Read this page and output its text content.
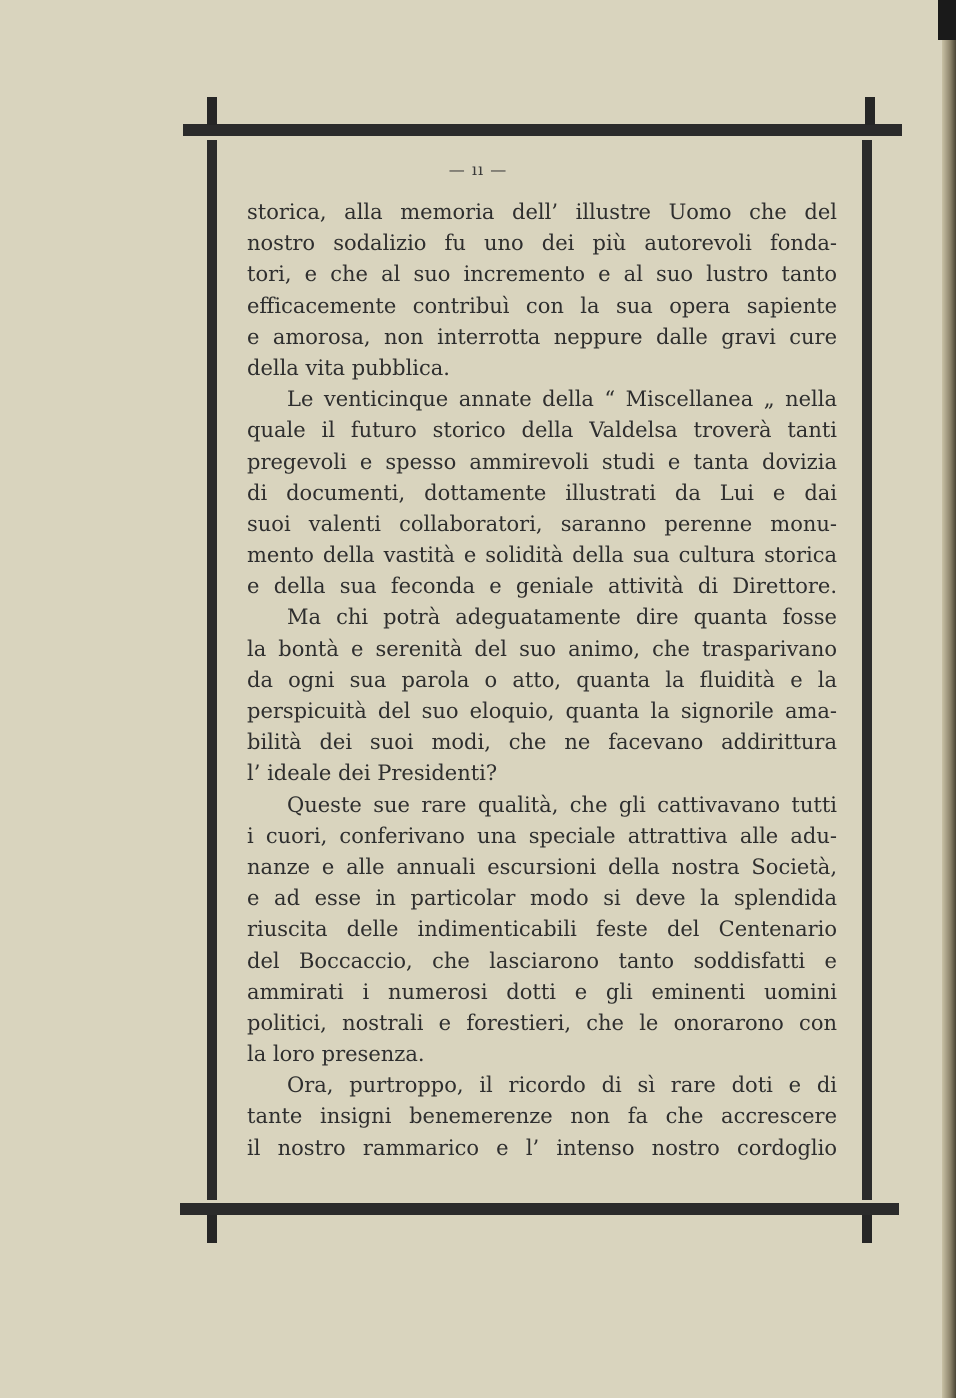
— ıı —
storica, alla memoria dell’ illustre Uomo che del
nostro sodalizio fu uno dei più autorevoli fonda-
tori, e che al suo incremento e al suo lustro tanto
efficacemente contribuì con la sua opera sapiente
e amorosa, non interrotta neppure dalle gravi cure
della vita pubblica.
Le venticinque annate della “ Miscellanea „ nella
quale il futuro storico della Valdelsa troverà tanti
pregevoli e spesso ammirevoli studi e tanta dovizia
di documenti, dottamente illustrati da Lui e dai
suoi valenti collaboratori, saranno perenne monu-
mento della vastità e solidità della sua cultura storica
e della sua feconda e geniale attività di Direttore.
Ma chi potrà adeguatamente dire quanta fosse
la bontà e serenità del suo animo, che trasparivano
da ogni sua parola o atto, quanta la fluidità e la
perspicuità del suo eloquio, quanta la signorile ama-
bilità dei suoi modi, che ne facevano addirittura
l’ ideale dei Presidenti?
Queste sue rare qualità, che gli cattivavano tutti
i cuori, conferivano una speciale attrattiva alle adu-
nanze e alle annuali escursioni della nostra Società,
e ad esse in particolar modo si deve la splendida
riuscita delle indimenticabili feste del Centenario
del Boccaccio, che lasciarono tanto soddisfatti e
ammirati i numerosi dotti e gli eminenti uomini
politici, nostrali e forestieri, che le onorarono con
la loro presenza.
Ora, purtroppo, il ricordo di sì rare doti e di
tante insigni benemerenze non fa che accrescere
il nostro rammarico e l’ intenso nostro cordoglio
